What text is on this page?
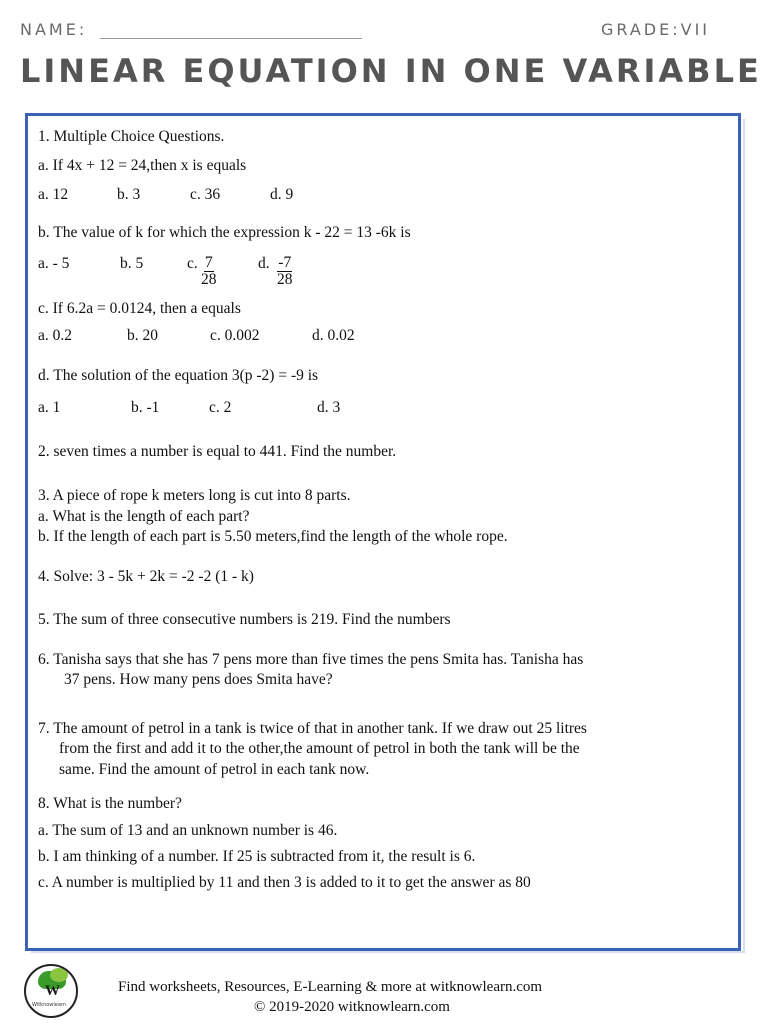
NAME:	GRADE:VII
LINEAR EQUATION IN ONE VARIABLE
1. Multiple Choice Questions.
a. If 4x + 12 = 24,then x is equals
a. 12	b. 3	c. 36	d. 9
b. The value of k for which the expression k - 22 = 13 -6k is
a. - 5	b. 5	c. $\frac{7}{28}$	d. $\frac{-7}{28}$
c. If 6.2a = 0.0124, then a equals
a. 0.2	b. 20	c. 0.002	d. 0.02
d. The solution of the equation 3(p -2) = -9 is
a. 1	b. -1	c. 2	d. 3
2. seven times a number is equal to 441. Find the number.
3. A piece of rope k meters long is cut into 8 parts.
a. What is the length of each part?
b. If the length of each part is 5.50 meters,find the length of the whole rope.
4. Solve: 3 - 5k + 2k = -2 -2 (1 - k)
5. The sum of three consecutive numbers is 219. Find the numbers
6. Tanisha says that she has 7 pens more than five times the pens Smita has. Tanisha has
37 pens. How many pens does Smita have?
7. The amount of petrol in a tank is twice of that in another tank. If we draw out 25 litres
from the first and add it to the other,the amount of petrol in both the tank will be the
same. Find the amount of petrol in each tank now.
8. What is the number?
a. The sum of 13 and an unknown number is 46.
b. I am thinking of a number. If 25 is subtracted from it, the result is 6.
c. A number is multiplied by 11 and then 3 is added to it to get the answer as 80
W
Witknowlearn
Find worksheets, Resources, E-Learning & more at witknowlearn.com
© 2019-2020 witknowlearn.com
